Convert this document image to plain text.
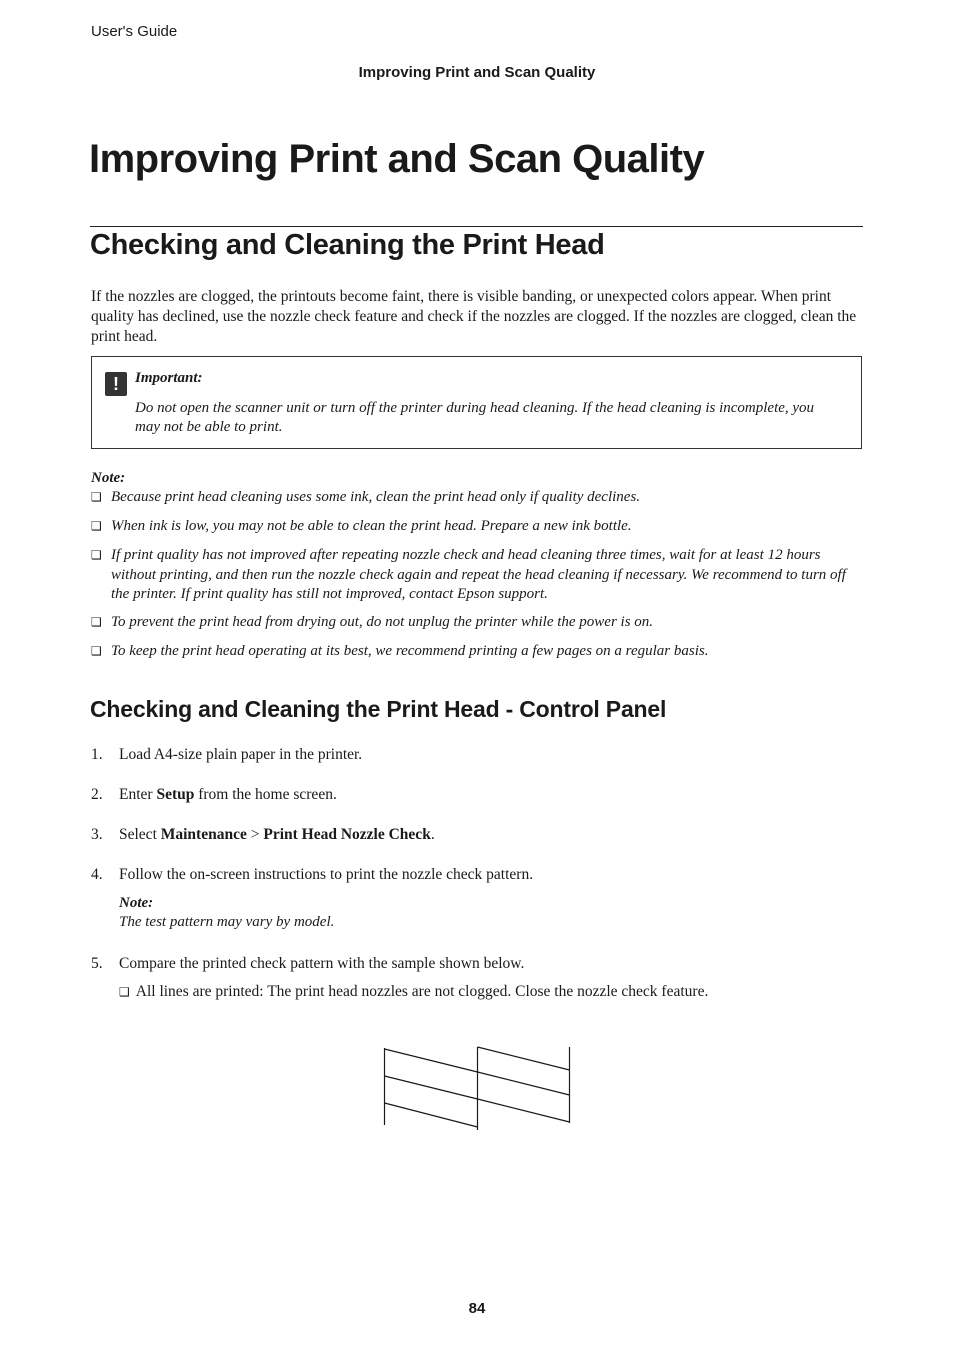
User's Guide
Improving Print and Scan Quality
Improving Print and Scan Quality
Checking and Cleaning the Print Head

If the nozzles are clogged, the printouts become faint, there is visible banding, or unexpected colors appear. When print quality has declined, use the nozzle check feature and check if the nozzles are clogged. If the nozzles are clogged, clean the print head.

!	Important:
Do not open the scanner unit or turn off the printer during head cleaning. If the head cleaning is incomplete, you may not be able to print.
Note:
❑ Because print head cleaning uses some ink, clean the print head only if quality declines.
❑ When ink is low, you may not be able to clean the print head. Prepare a new ink bottle.
❑ If print quality has not improved after repeating nozzle check and head cleaning three times, wait for at least 12 hours without printing, and then run the nozzle check again and repeat the head cleaning if necessary. We recommend to turn off the printer. If print quality has still not improved, contact Epson support.
❑ To prevent the print head from drying out, do not unplug the printer while the power is on.
❑ To keep the print head operating at its best, we recommend printing a few pages on a regular basis.
Checking and Cleaning the Print Head - Control Panel
1. Load A4-size plain paper in the printer.
2. Enter Setup from the home screen.
3. Select Maintenance > Print Head Nozzle Check.
4. Follow the on-screen instructions to print the nozzle check pattern.
Note:
The test pattern may vary by model.
5. Compare the printed check pattern with the sample shown below.
❑ All lines are printed: The print head nozzles are not clogged. Close the nozzle check feature.
84
